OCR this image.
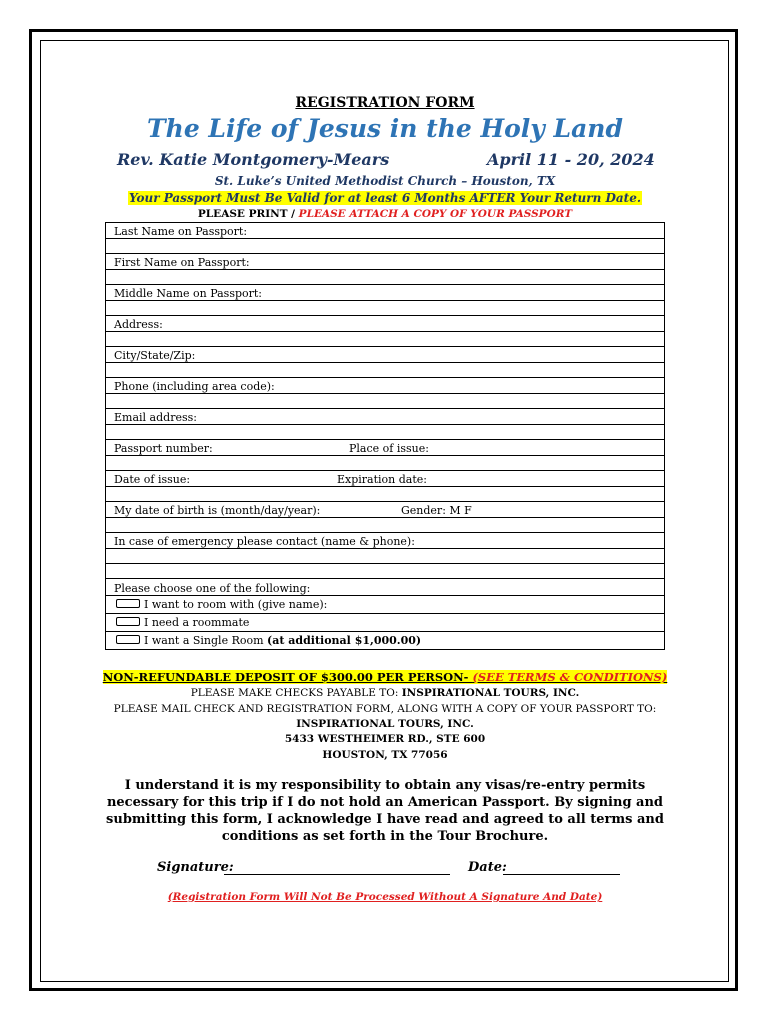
REGISTRATION FORM
The Life of Jesus in the Holy Land
Rev. Katie Montgomery-Mears	April 11 - 20, 2024
St. Luke’s United Methodist Church – Houston, TX
Your Passport Must Be Valid for at least 6 Months AFTER Your Return Date.
PLEASE PRINT / PLEASE ATTACH A COPY OF YOUR PASSPORT
Last Name on Passport:
First Name on Passport:
Middle Name on Passport:
Address:
City/State/Zip:
Phone (including area code):
Email address:
Passport number:	Place of issue:
Date of issue:	Expiration date:
My date of birth is (month/day/year):	Gender: M F
In case of emergency please contact (name & phone):
Please choose one of the following:
I want to room with (give name):
I need a roommate
I want a Single Room (at additional $1,000.00)
NON-REFUNDABLE DEPOSIT OF $300.00 PER PERSON- (SEE TERMS & CONDITIONS)
PLEASE MAKE CHECKS PAYABLE TO: INSPIRATIONAL TOURS, INC.
PLEASE MAIL CHECK AND REGISTRATION FORM, ALONG WITH A COPY OF YOUR PASSPORT TO:
INSPIRATIONAL TOURS, INC.
5433 WESTHEIMER RD., STE 600
HOUSTON, TX 77056
I understand it is my responsibility to obtain any visas/re-entry permits necessary for this trip if I do not hold an American Passport. By signing and submitting this form, I acknowledge I have read and agreed to all terms and conditions as set forth in the Tour Brochure.
Signature:	Date:
(Registration Form Will Not Be Processed Without A Signature And Date)
